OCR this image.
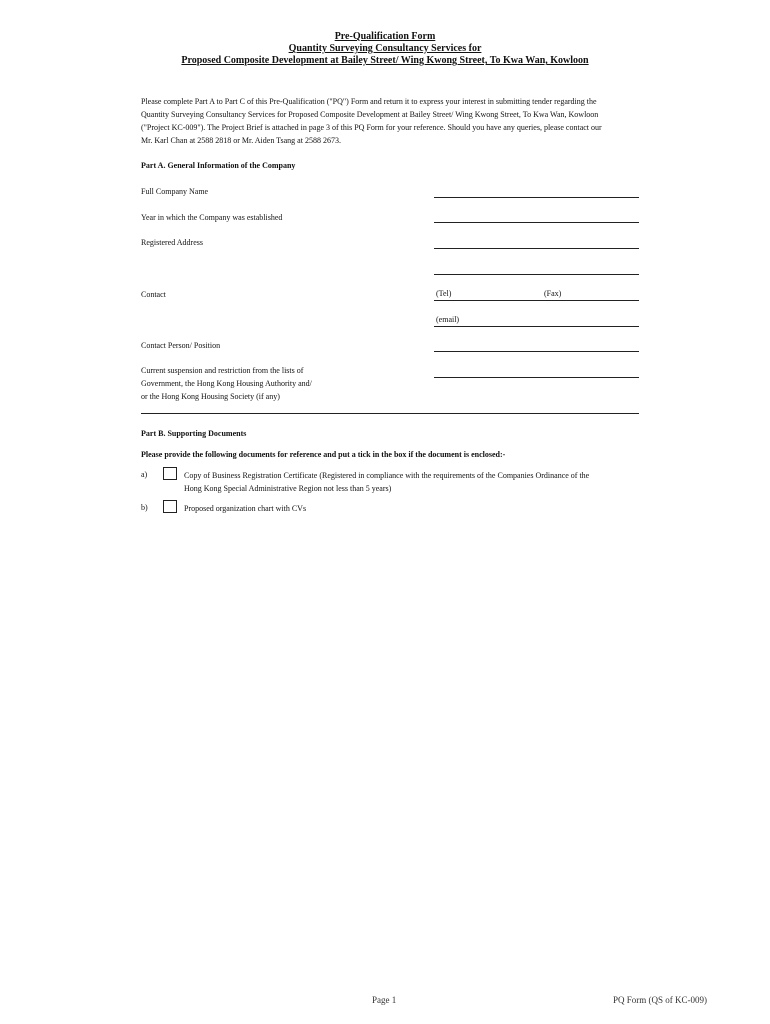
Pre-Qualification Form
Quantity Surveying Consultancy Services for
Proposed Composite Development at Bailey Street/ Wing Kwong Street, To Kwa Wan, Kowloon
Please complete Part A to Part C of this Pre-Qualification ("PQ") Form and return it to express your interest in submitting tender regarding the
Quantity Surveying Consultancy Services for Proposed Composite Development at Bailey Street/ Wing Kwong Street, To Kwa Wan, Kowloon
("Project KC-009"). The Project Brief is attached in page 3 of this PQ Form for your reference. Should you have any queries, please contact our
Mr. Karl Chan at 2588 2818 or Mr. Aiden Tsang at 2588 2673.
Part A. General Information of the Company
Full Company Name
Year in which the Company was established
Registered Address
Contact	(Tel)	(Fax)
(email)
Contact Person/ Position
Current suspension and restriction from the lists of
Government, the Hong Kong Housing Authority and/
or the Hong Kong Housing Society (if any)
Part B. Supporting Documents
Please provide the following documents for reference and put a tick in the box if the document is enclosed:-
a)	Copy of Business Registration Certificate (Registered in compliance with the requirements of the Companies Ordinance of the
Hong Kong Special Administrative Region not less than 5 years)
b)	Proposed organization chart with CVs
Page 1	PQ Form (QS of KC-009)
